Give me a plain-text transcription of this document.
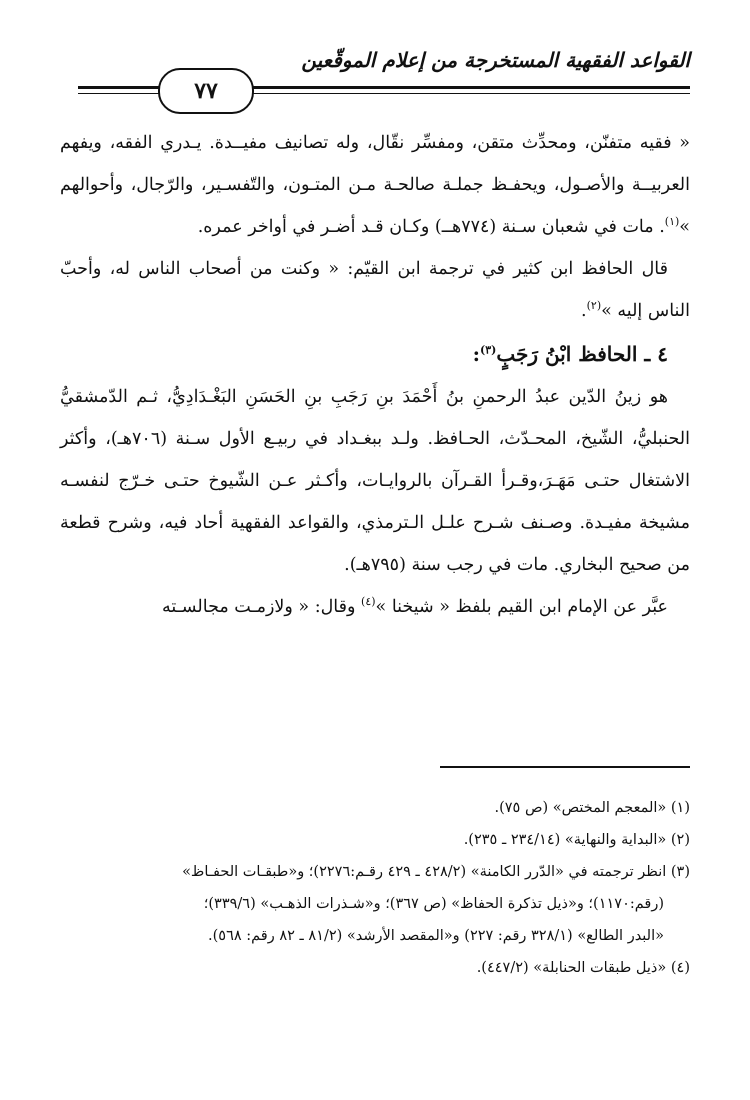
القواعد الفقهية المستخرجة من إعلام الموقّعين
٧٧

« فقيه متفنّن، ومحدِّث متقن، ومفسِّر نقّال، وله تصانيف مفيــدة. يـدري الفقه، ويفهم العربيــة والأصـول، ويحفـظ جملـة صالحـة مـن المتـون، والتّفسـير، والرّجال، وأحوالهم »$^{(١)}$. مات في شعبان سـنة (٧٧٤هــ) وكـان قـد أضـر في أواخر عمره.

قال الحافظ ابن كثير في ترجمة ابن القيّم: « وكنت من أصحاب الناس له، وأحبّ الناس إليه »$^{(٢)}$.

٤ ـ الحافظ ابْنُ رَجَبٍ$^{(٣)}$:

هو زينُ الدّين عبدُ الرحمنِ بنُ أَحْمَدَ بنِ رَجَبِ بنِ الحَسَنِ البَغْـدَادِيُّ، ثـم الدّمشقيُّ الحنبليُّ، الشّيخ، المحـدّث، الحـافظ. ولـد ببغـداد في ربيـع الأول سـنة (٧٠٦هـ)، وأكثر الاشتغال حتـى مَهَـرَ،وقـرأ القـرآن بالروايـات، وأكـثر عـن الشّيوخ حتـى خـرّج لنفسـه مشيخة مفيـدة. وصـنف شـرح علـل الـترمذي، والقواعد الفقهية أحاد فيه، وشرح قطعة من صحيح البخاري. مات في رجب سنة (٧٩٥هـ).

عبَّر عن الإمام ابن القيم بلفظ « شيخنا »$^{(٤)}$ وقال: « ولازمـت مجالسـته

(١) «المعجم المختص» (ص ٧٥).

(٢) «البداية والنهاية» (٢٣٤/١٤ ـ ٢٣٥).

(٣) انظر ترجمته في «الدّرر الكامنة» (٤٢٨/٢ ـ ٤٢٩ رقـم:٢٢٧٦)؛ و«طبقـات الحفـاظ»

(رقم:١١٧٠)؛ و«ذيل تذكرة الحفاظ» (ص ٣٦٧)؛ و«شـذرات الذهـب» (٣٣٩/٦)؛

«البدر الطالع» (٣٢٨/١ رقم: ٢٢٧) و«المقصد الأرشد» (٨١/٢ ـ ٨٢ رقم: ٥٦٨).

(٤) «ذيل طبقات الحنابلة» (٤٤٧/٢).
